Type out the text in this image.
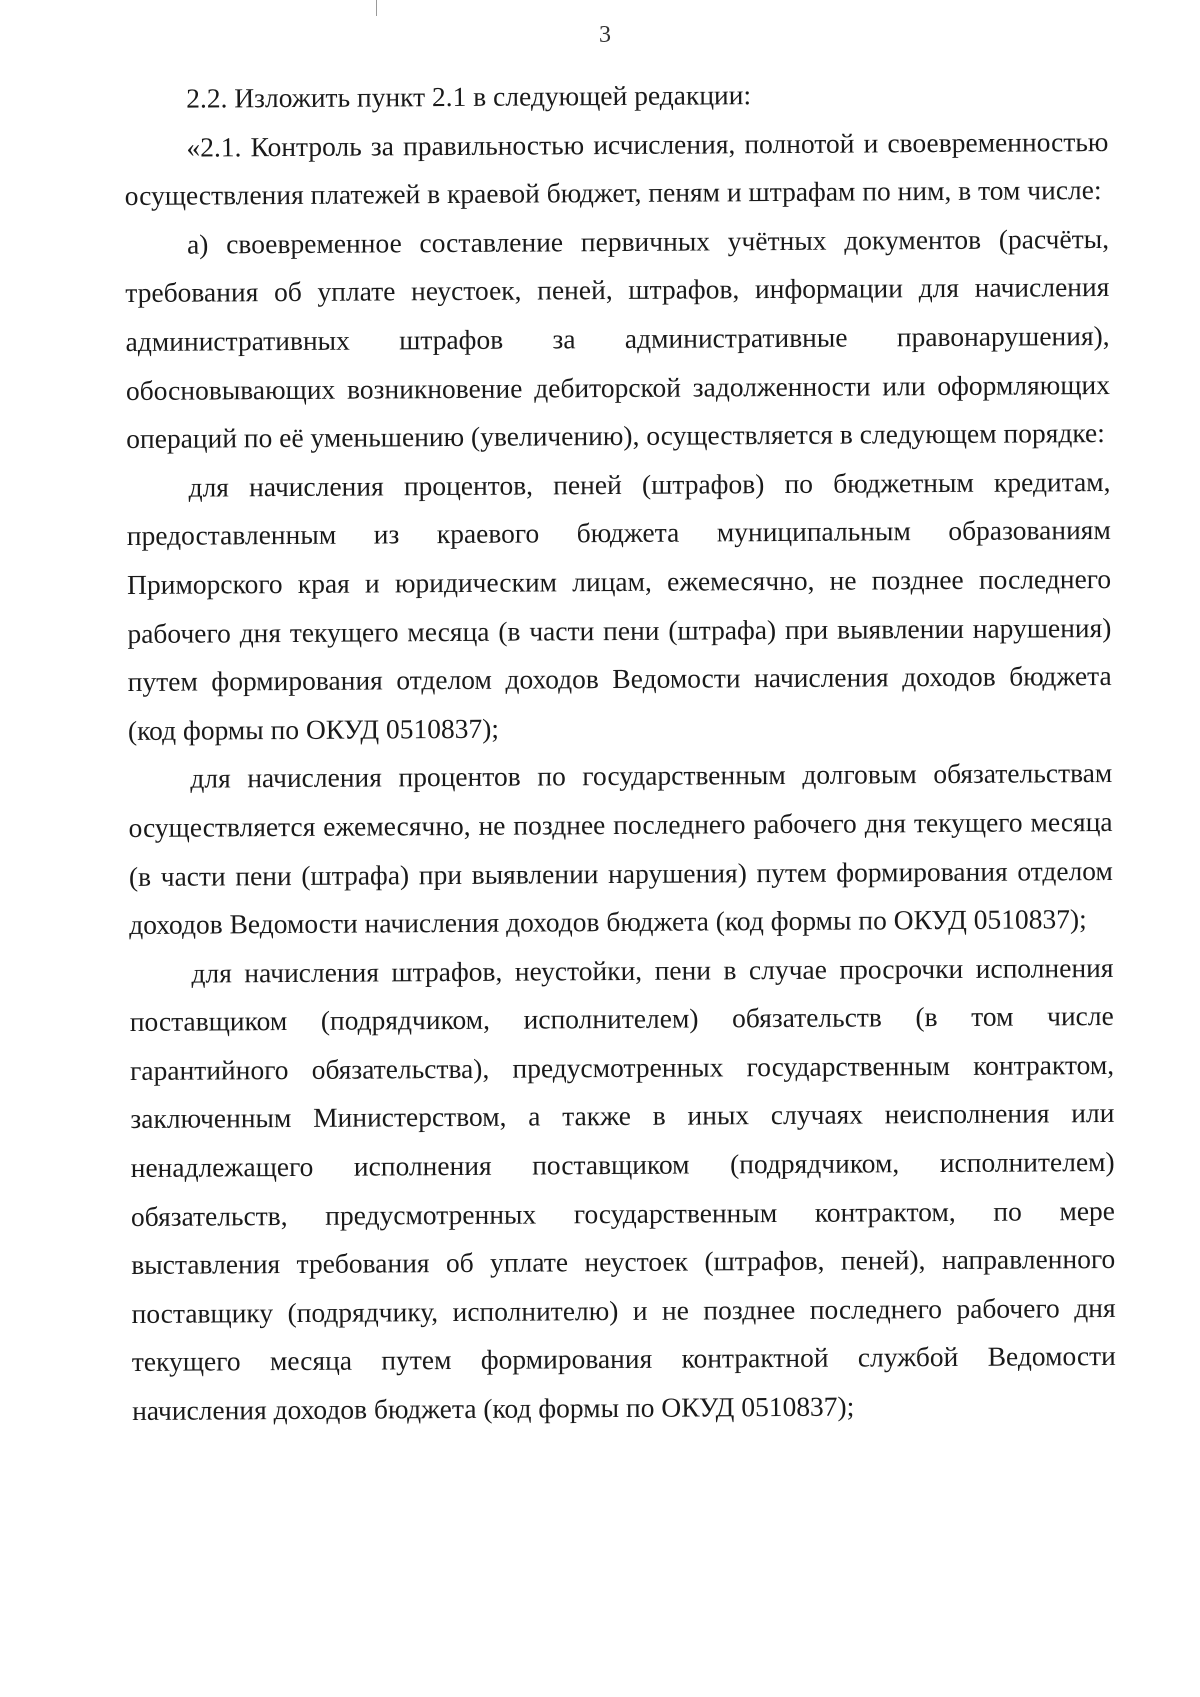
3

2.2. Изложить пункт 2.1 в следующей редакции:

«2.1. Контроль за правильностью исчисления, полнотой и своевременностью осуществления платежей в краевой бюджет, пеням и штрафам по ним, в том числе:

а) своевременное составление первичных учётных документов (расчёты, требования об уплате неустоек, пеней, штрафов, информации для начисления административных штрафов за административные правонарушения), обосновывающих возникновение дебиторской задолженности или оформляющих операций по её уменьшению (увеличению), осуществляется в следующем порядке:

для начисления процентов, пеней (штрафов) по бюджетным кредитам, предоставленным из краевого бюджета муниципальным образованиям Приморского края и юридическим лицам, ежемесячно, не позднее последнего рабочего дня текущего месяца (в части пени (штрафа) при выявлении нарушения) путем формирования отделом доходов Ведомости начисления доходов бюджета (код формы по ОКУД 0510837);

для начисления процентов по государственным долговым обязательствам осуществляется ежемесячно, не позднее последнего рабочего дня текущего месяца (в части пени (штрафа) при выявлении нарушения) путем формирования отделом доходов Ведомости начисления доходов бюджета (код формы по ОКУД 0510837);

для начисления штрафов, неустойки, пени в случае просрочки исполнения поставщиком (подрядчиком, исполнителем) обязательств (в том числе гарантийного обязательства), предусмотренных государственным контрактом, заключенным Министерством, а также в иных случаях неисполнения или ненадлежащего исполнения поставщиком (подрядчиком, исполнителем) обязательств, предусмотренных государственным контрактом, по мере выставления требования об уплате неустоек (штрафов, пеней), направленного поставщику (подрядчику, исполнителю) и не позднее последнего рабочего дня текущего месяца путем формирования контрактной службой Ведомости начисления доходов бюджета (код формы по ОКУД 0510837);
